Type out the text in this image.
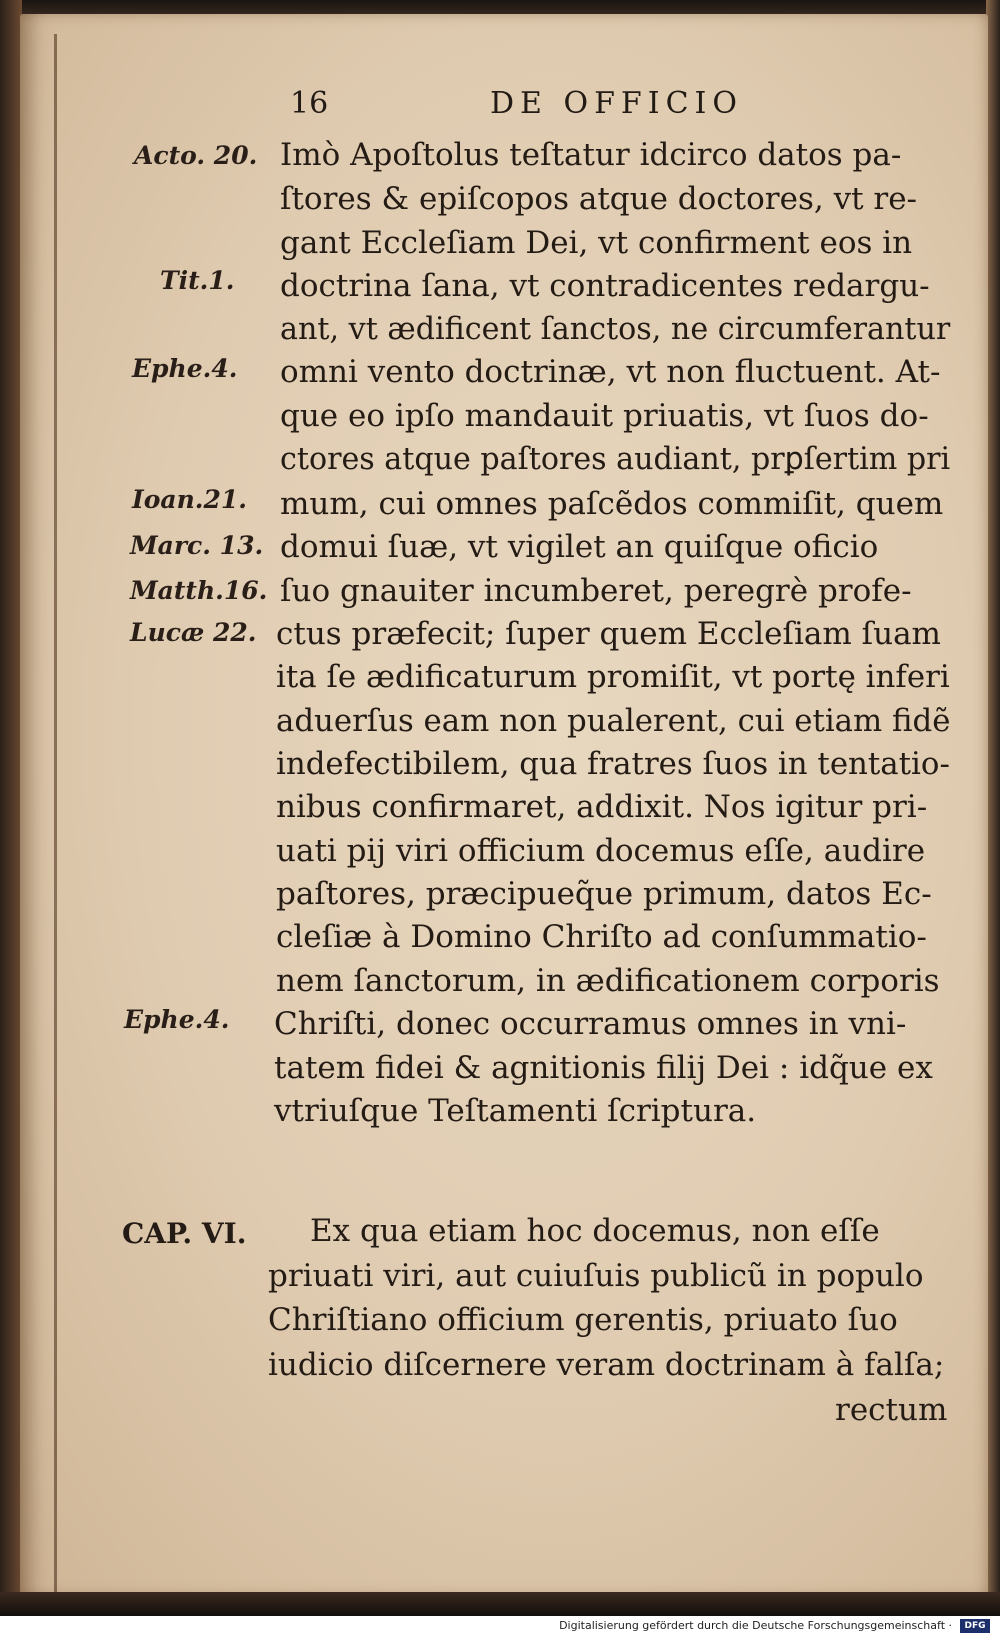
16	DE OFFICIO
Acto. 20.
Tit.1.
Ephe.4.
Ioan.21.
Marc. 13.
Matth.16.
Lucæ 22.
Ephe.4.
Imò Apoſtolus teſtatur idcirco datos pa-
ſtores & epiſcopos atque doctores, vt re-
gant Eccleſiam Dei, vt confirment eos in
doctrina ſana, vt contradicentes redargu-
ant, vt ædificent ſanctos, ne circumferantur
omni vento doctrinæ, vt non fluctuent. At-
que eo ipſo mandauit priuatis, vt ſuos do-
ctores atque paſtores audiant, prꝑſertim pri
mum, cui omnes paſcẽdos commiſit, quem
domui ſuæ, vt vigilet an quiſque oficio
ſuo gnauiter incumberet, peregrè profe-
ctus præfecit; ſuper quem Eccleſiam ſuam
ita ſe ædificaturum promiſit, vt portę inferi
aduerſus eam non pualerent, cui etiam fidẽ
indefectibilem, qua fratres ſuos in tentatio-
nibus confirmaret, addixit. Nos igitur pri-
uati pij viri officium docemus eſſe, audire
paſtores, præcipueq̃ue primum, datos Ec-
cleſiæ à Domino Chriſto ad conſummatio-
nem ſanctorum, in ædificationem corporis
Chriſti, donec occurramus omnes in vni-
tatem fidei & agnitionis filij Dei : idq̃ue ex
vtriuſque Teſtamenti ſcriptura.
CAP. VI. Ex qua etiam hoc docemus, non eſſe
priuati viri, aut cuiuſuis publicũ in populo
Chriſtiano officium gerentis, priuato ſuo
iudicio diſcernere veram doctrinam à falſa;
rectum
Digitalisierung gefördert durch die Deutsche Forschungsgemeinschaft ·	DFG
